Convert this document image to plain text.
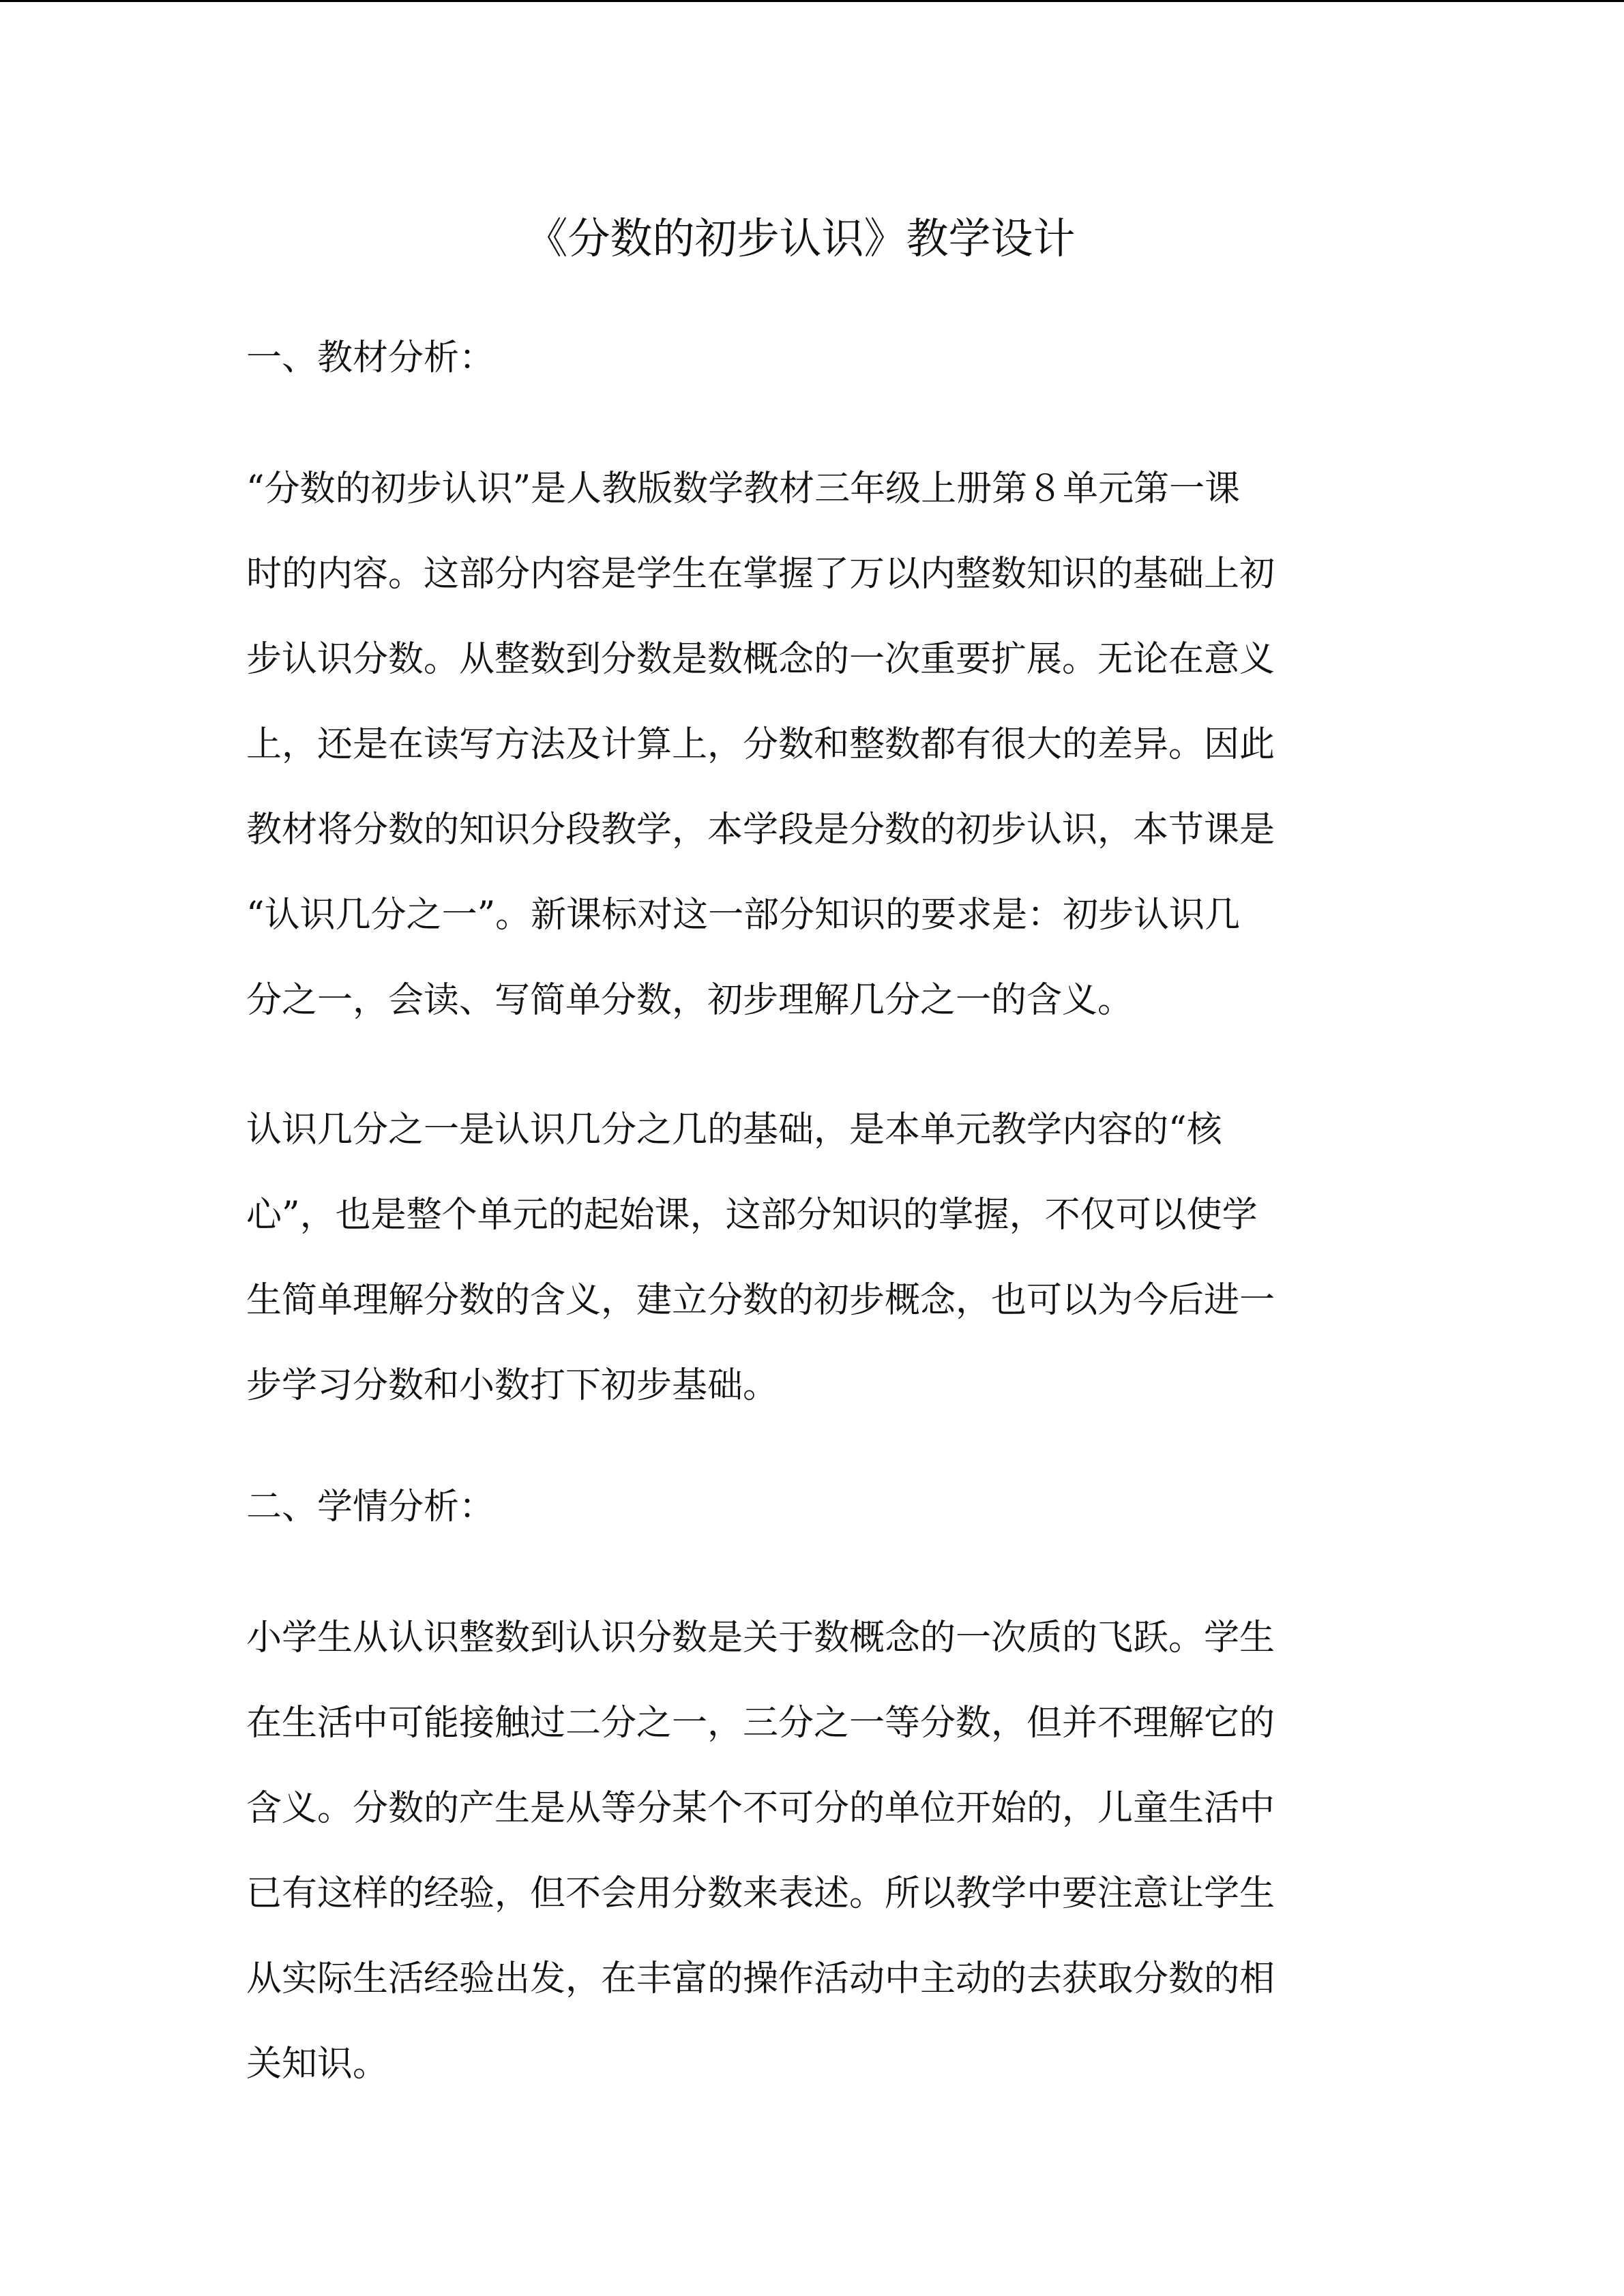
《分数的初步认识》教学设计
一、教材分析：

“分数的初步认识”是人教版数学教材三年级上册第８单元第一课
时的内容。这部分内容是学生在掌握了万以内整数知识的基础上初
步认识分数。从整数到分数是数概念的一次重要扩展。无论在意义
上，还是在读写方法及计算上，分数和整数都有很大的差异。因此
教材将分数的知识分段教学，本学段是分数的初步认识，本节课是
“认识几分之一”。新课标对这一部分知识的要求是：初步认识几
分之一，会读、写简单分数，初步理解几分之一的含义。

认识几分之一是认识几分之几的基础，是本单元教学内容的“核
心”，也是整个单元的起始课，这部分知识的掌握，不仅可以使学
生简单理解分数的含义，建立分数的初步概念，也可以为今后进一
步学习分数和小数打下初步基础。

二、学情分析：

小学生从认识整数到认识分数是关于数概念的一次质的飞跃。学生
在生活中可能接触过二分之一，三分之一等分数，但并不理解它的
含义。分数的产生是从等分某个不可分的单位开始的，儿童生活中
已有这样的经验，但不会用分数来表述。所以教学中要注意让学生
从实际生活经验出发，在丰富的操作活动中主动的去获取分数的相
关知识。
